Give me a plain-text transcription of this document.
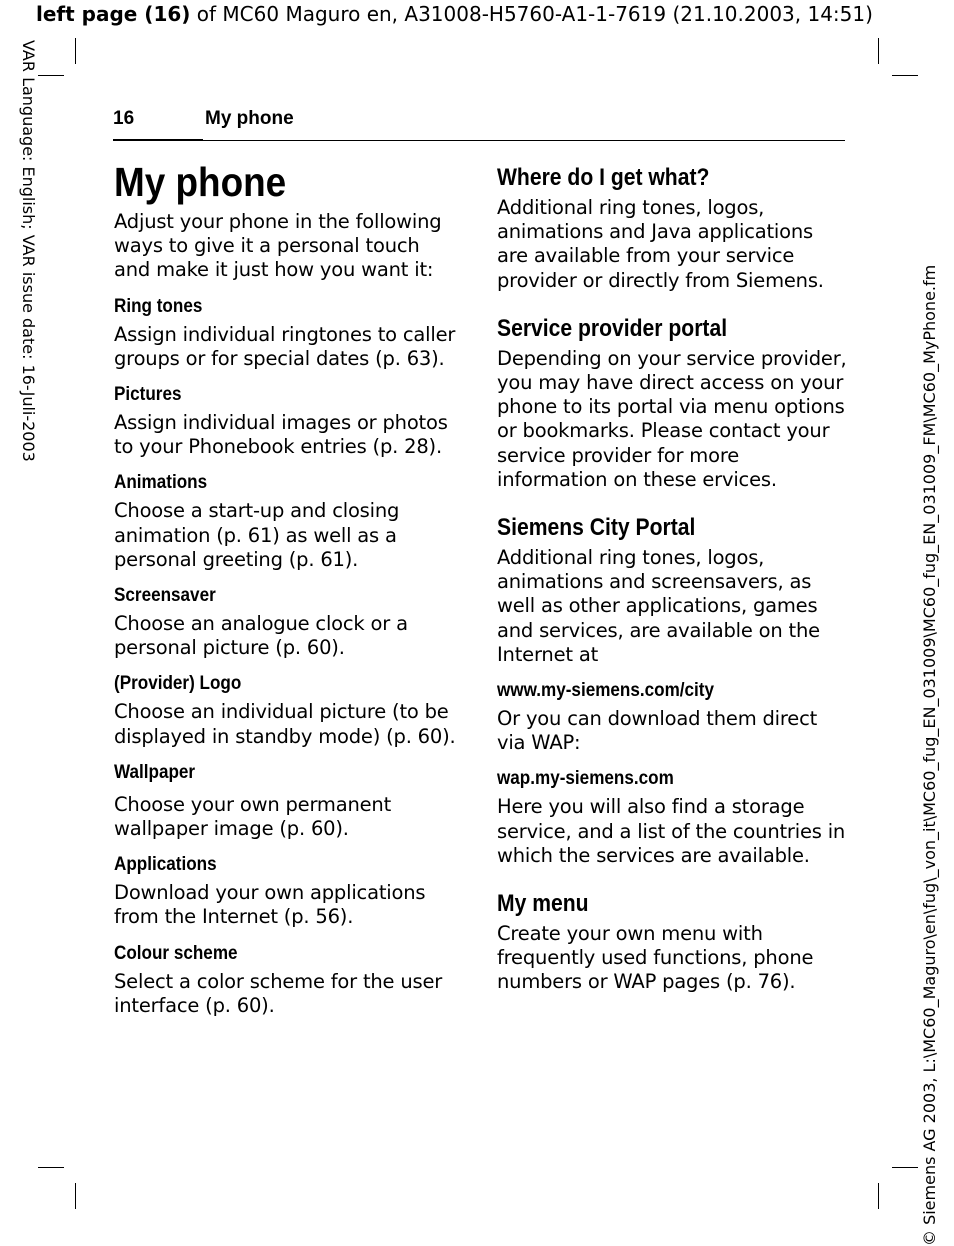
left page (16) of MC60 Maguro en, A31008-H5760-A1-1-7619 (21.10.2003, 14:51)
VAR Language: English; VAR issue date: 16-Juli-2003
© Siemens AG 2003, L:\MC60_Maguro\en\fug\_von_it\MC60_fug_EN_031009\MC60_fug_EN_031009_FM\MC60_MyPhone.fm
16	My phone
My phone

Adjust your phone in the following ways to give it a personal touch and make it just how you want it:

Ring tones

Assign individual ringtones to caller groups or for special dates (p. 63).

Pictures

Assign individual images or photos to your Phonebook entries (p. 28).

Animations

Choose a start-up and closing animation (p. 61) as well as a personal greeting (p. 61).

Screensaver

Choose an analogue clock or a personal picture (p. 60).

(Provider) Logo

Choose an individual picture (to be displayed in standby mode) (p. 60).

Wallpaper

Choose your own permanent wallpaper image (p. 60).

Applications

Download your own applications from the Internet (p. 56).

Colour scheme

Select a color scheme for the user interface (p. 60).

Where do I get what?

Additional ring tones, logos, animations and Java applications are available from your service provider or directly from Siemens.

Service provider portal

Depending on your service provider, you may have direct access on your phone to its portal via menu options or bookmarks. Please contact your service provider for more information on these ervices.

Siemens City Portal

Additional ring tones, logos, animations and screensavers, as well as other applications, games and services, are available on the Internet at

www.my-siemens.com/city

Or you can download them direct via WAP:

wap.my-siemens.com

Here you will also find a storage service, and a list of the countries in which the services are available.

My menu

Create your own menu with frequently used functions, phone numbers or WAP pages (p. 76).
